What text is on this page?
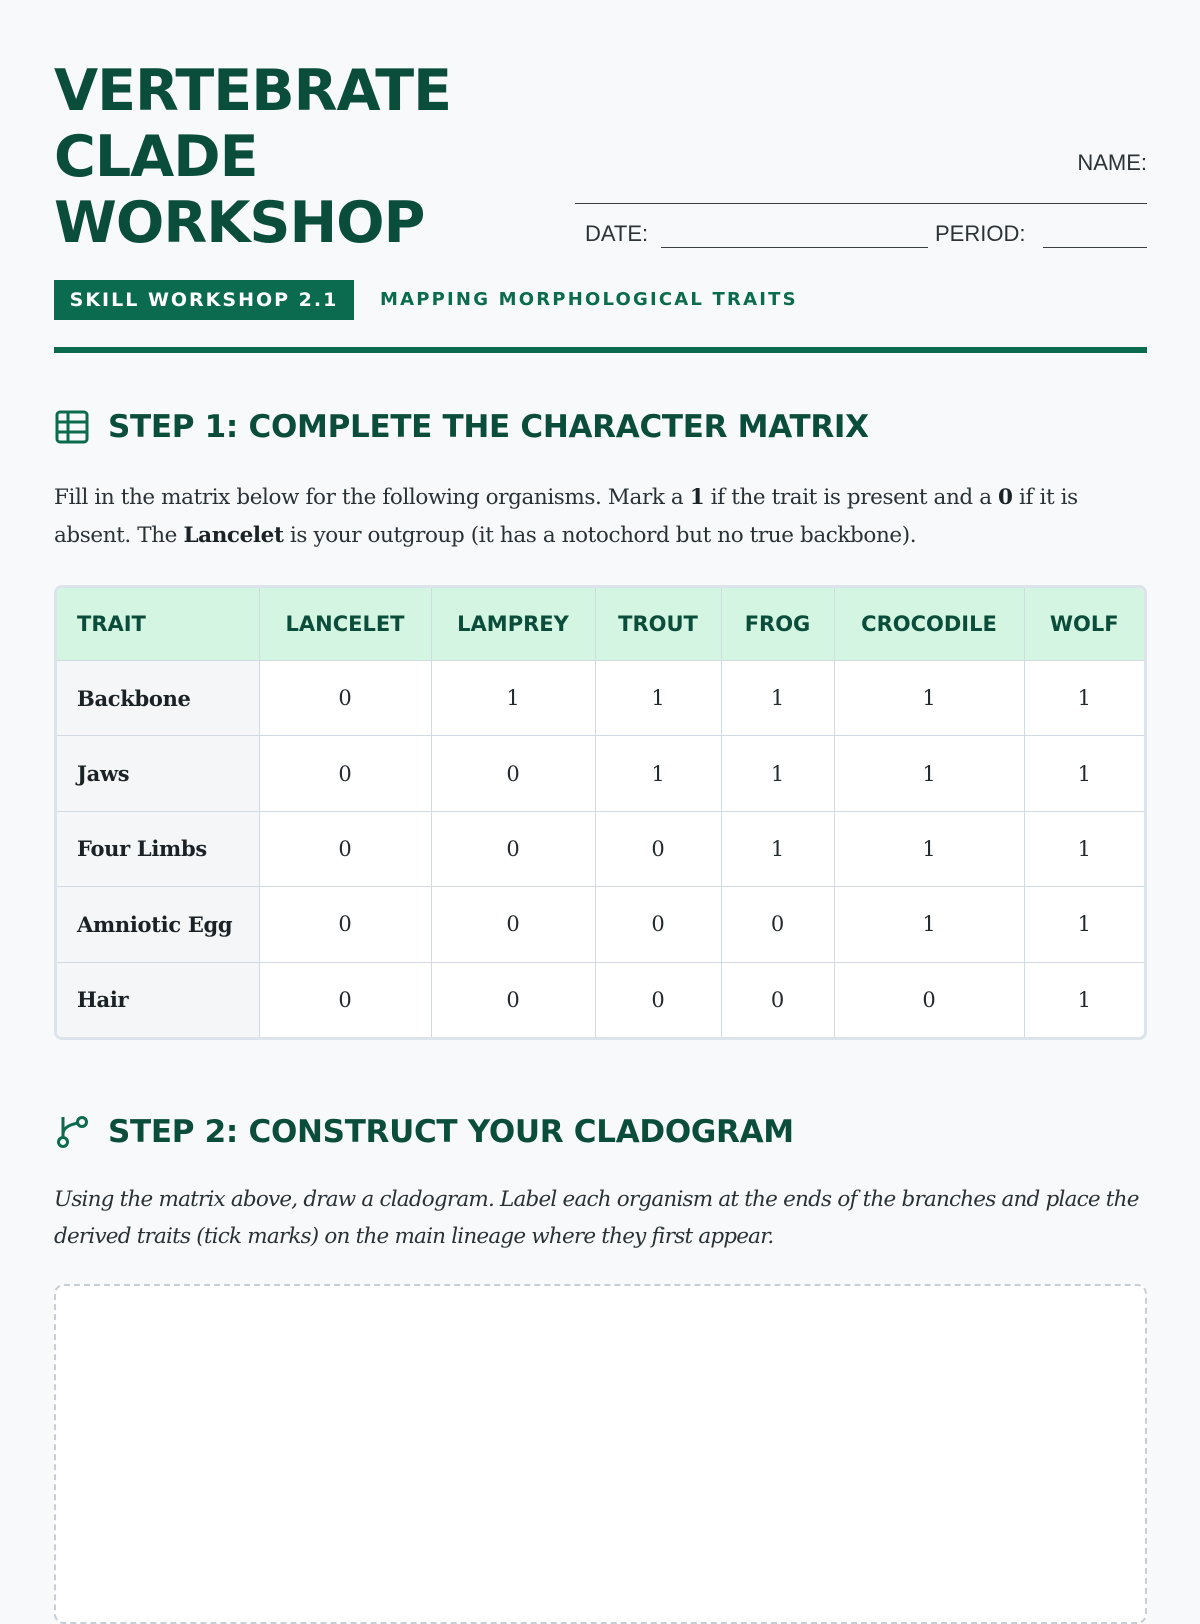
VERTEBRATE
CLADE
WORKSHOP
NAME:
DATE:	PERIOD:
SKILL WORKSHOP 2.1	MAPPING MORPHOLOGICAL TRAITS
STEP 1: COMPLETE THE CHARACTER MATRIX

Fill in the matrix below for the following organisms. Mark a 1 if the trait is present and a 0 if it is absent. The Lancelet is your outgroup (it has a notochord but no true backbone).

TRAIT	LANCELET	LAMPREY	TROUT	FROG	CROCODILE	WOLF
Backbone	0	1	1	1	1	1
Jaws	0	0	1	1	1	1
Four Limbs	0	0	0	1	1	1
Amniotic Egg	0	0	0	0	1	1
Hair	0	0	0	0	0	1
STEP 2: CONSTRUCT YOUR CLADOGRAM

Using the matrix above, draw a cladogram. Label each organism at the ends of the branches and place the derived traits (tick marks) on the main lineage where they first appear.
